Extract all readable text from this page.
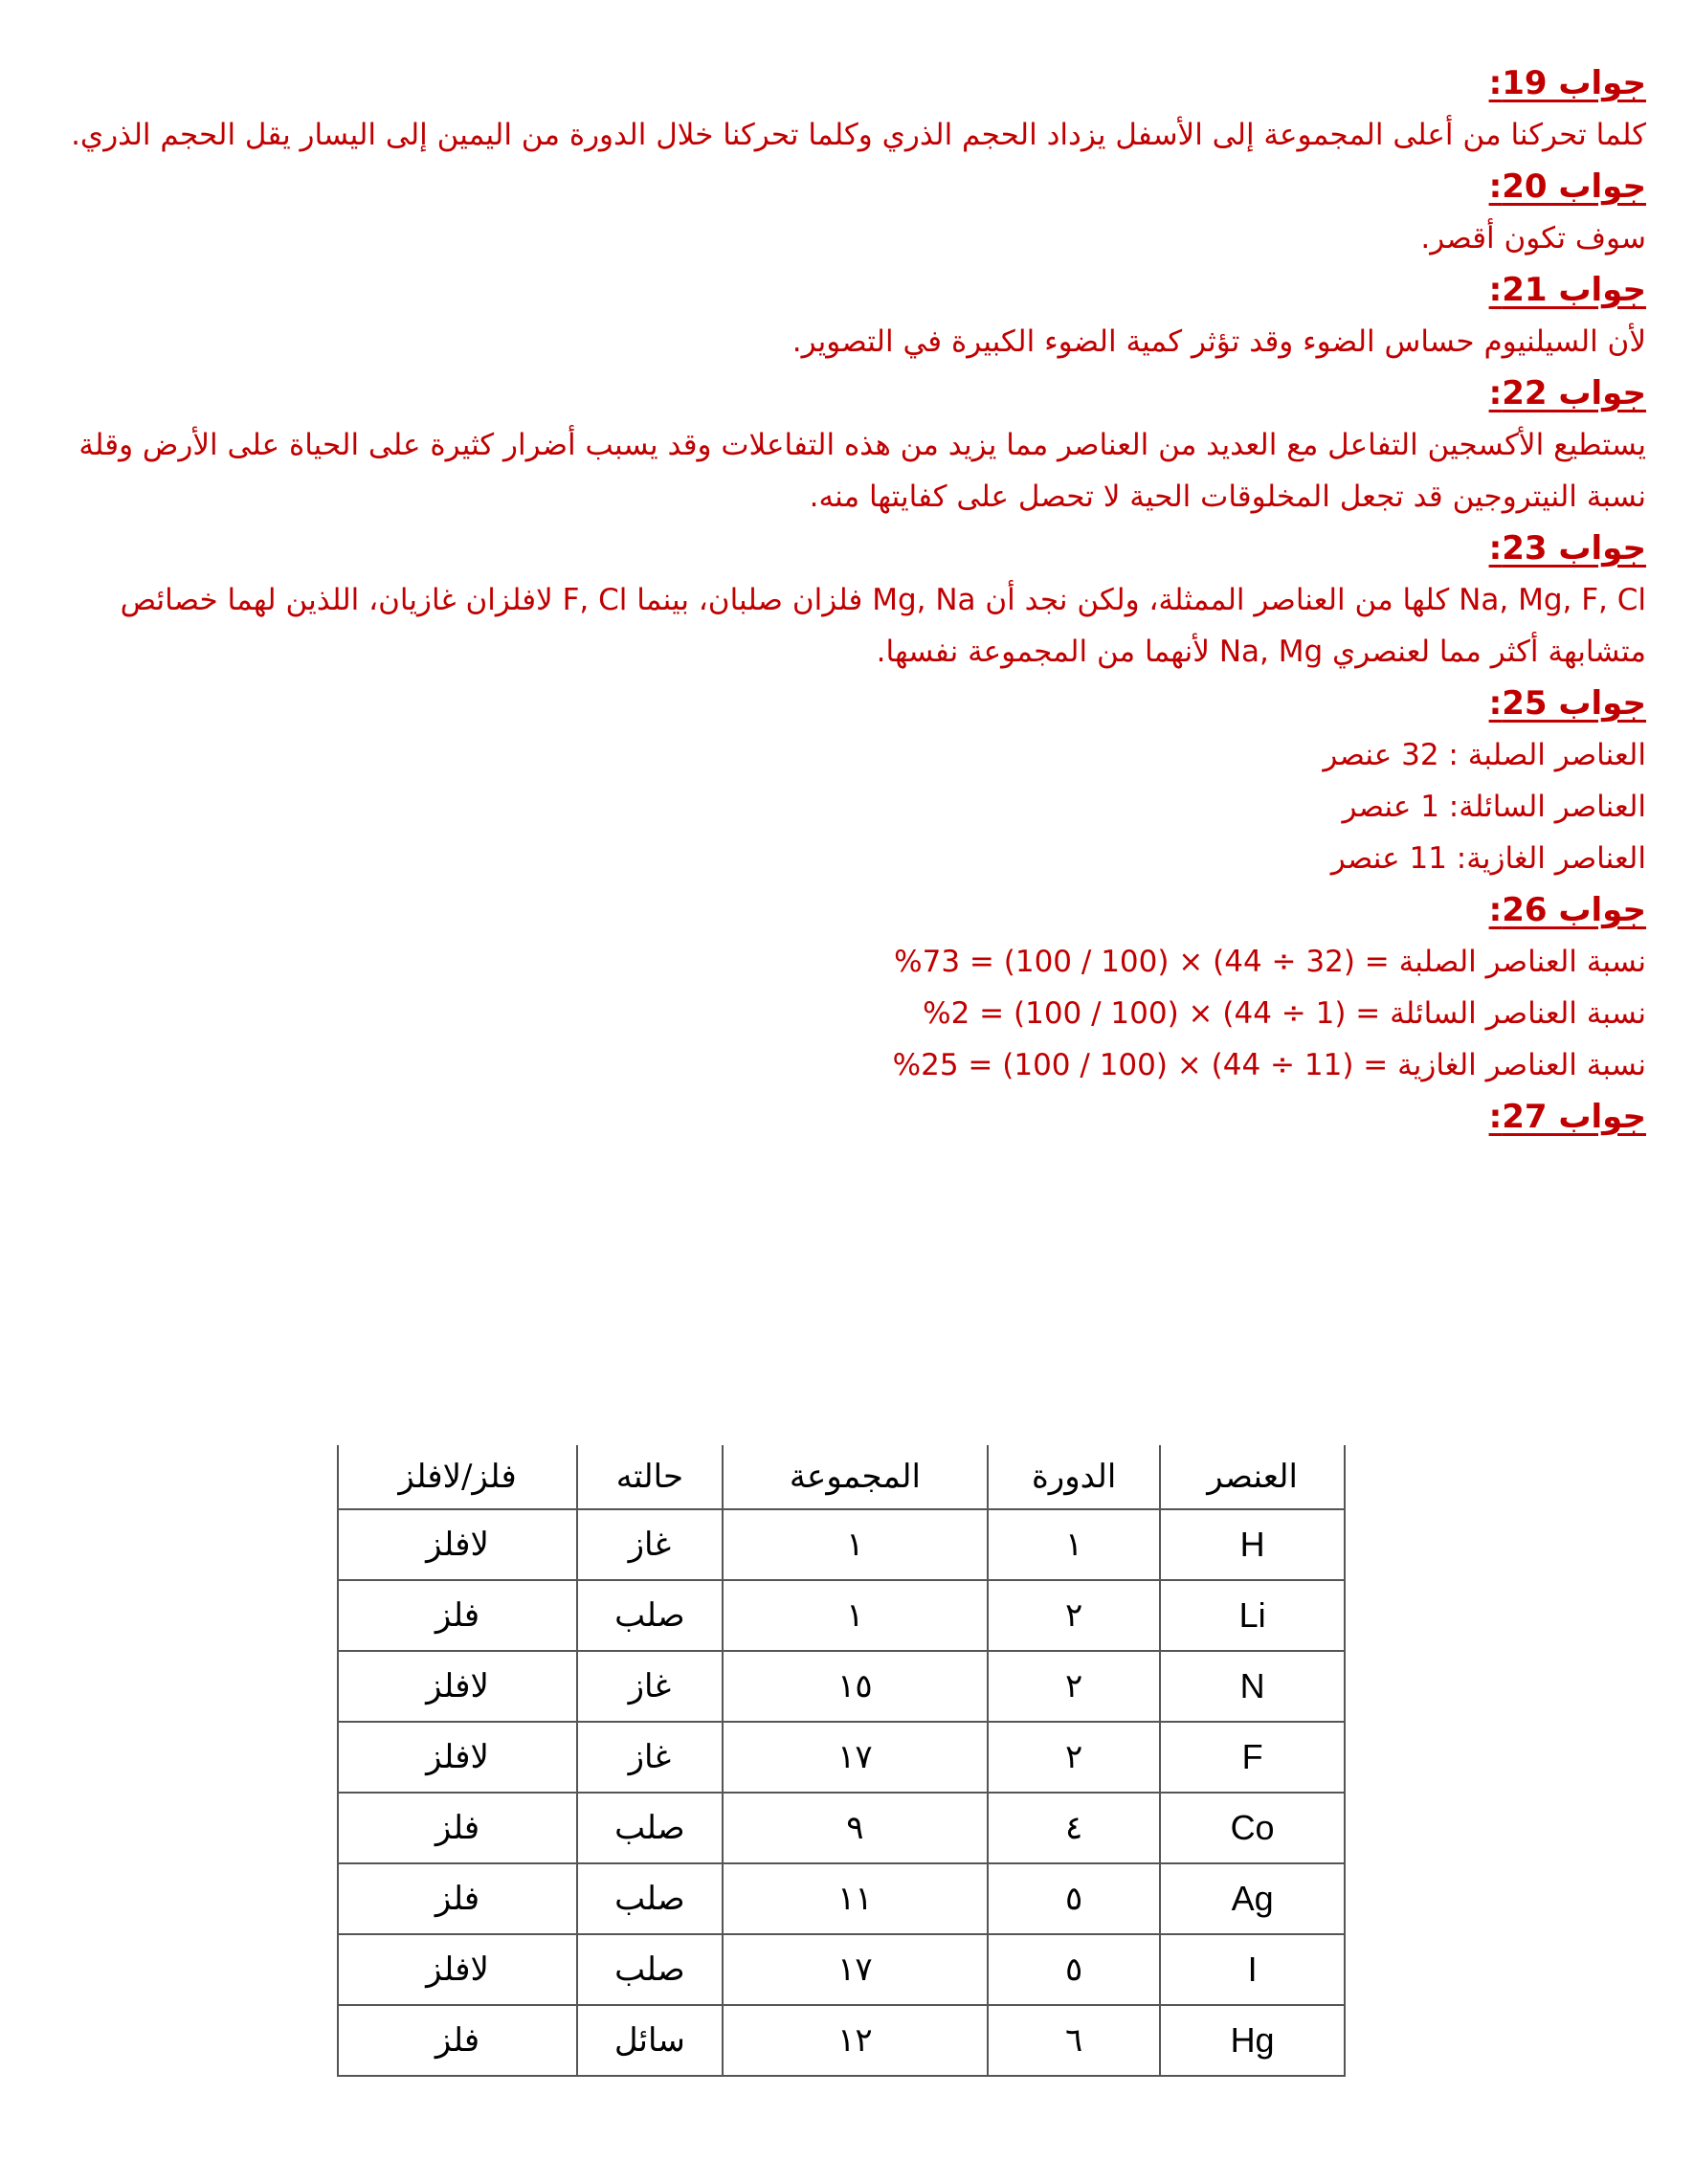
جواب 19:

كلما تحركنا من أعلى المجموعة إلى الأسفل يزداد الحجم الذري وكلما تحركنا خلال الدورة من اليمين إلى اليسار يقل الحجم الذري.

جواب 20:

سوف تكون أقصر.

جواب 21:

لأن السيلنيوم حساس الضوء وقد تؤثر كمية الضوء الكبيرة في التصوير.

جواب 22:

يستطيع الأكسجين التفاعل مع العديد من العناصر مما يزيد من هذه التفاعلات وقد يسبب أضرار كثيرة على الحياة على الأرض وقلة نسبة النيتروجين قد تجعل المخلوقات الحية لا تحصل على كفايتها منه.

جواب 23:

Na, Mg, F, Cl كلها من العناصر الممثلة، ولكن نجد أن Mg, Na فلزان صلبان، بينما F, Cl لافلزان غازيان، اللذين لهما خصائص متشابهة أكثر مما لعنصري Na, Mg لأنهما من المجموعة نفسها.

جواب 25:

العناصر الصلبة : 32 عنصر

العناصر السائلة: 1 عنصر

العناصر الغازية: 11 عنصر

جواب 26:

نسبة العناصر الصلبة = (32 ÷ 44) × (100 / 100) = 73%

نسبة العناصر السائلة = (1 ÷ 44) × (100 / 100) = 2%

نسبة العناصر الغازية = (11 ÷ 44) × (100 / 100) = 25%

جواب 27:
العنصر	الدورة	المجموعة	حالته	فلز/لافلز
H	١	١	غاز	لافلز
Li	٢	١	صلب	فلز
N	٢	١٥	غاز	لافلز
F	٢	١٧	غاز	لافلز
Co	٤	٩	صلب	فلز
Ag	٥	١١	صلب	فلز
I	٥	١٧	صلب	لافلز
Hg	٦	١٢	سائل	فلز
